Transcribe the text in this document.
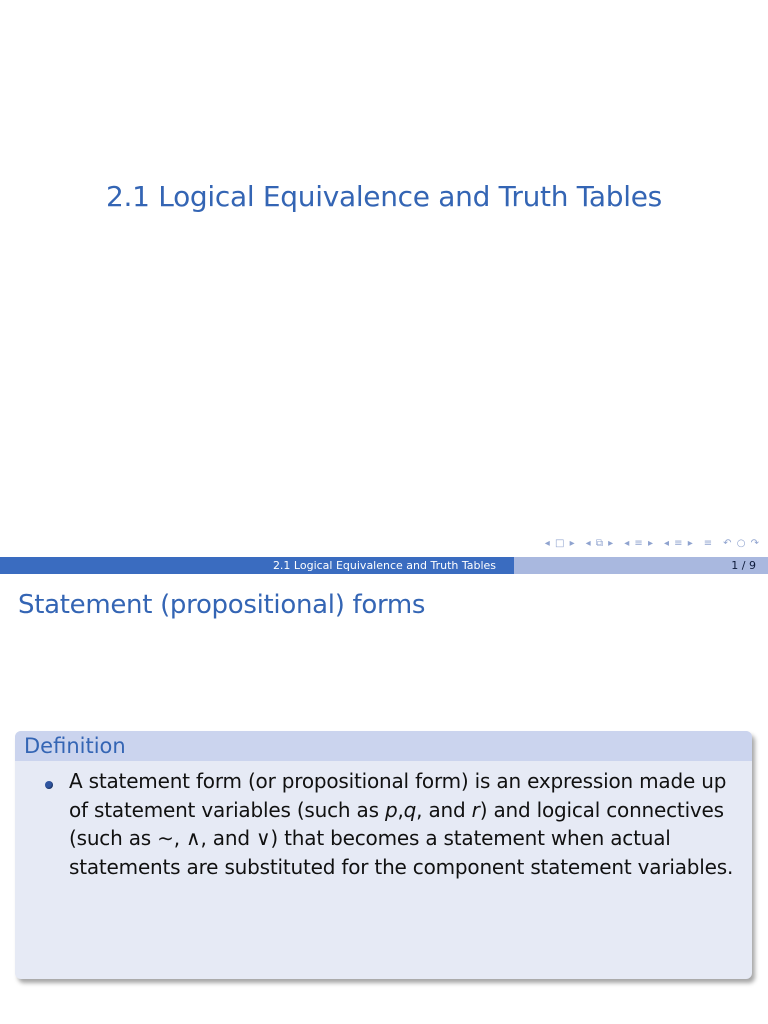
2.1 Logical Equivalence and Truth Tables
◂ □ ▸ ◂ ⧉ ▸ ◂ ≡ ▸ ◂ ≡ ▸ ≡ ↶ ○ ↷
2.1 Logical Equivalence and Truth Tables	1 / 9
Statement (propositional) forms
Definition
A statement form (or propositional form) is an expression made up of statement variables (such as p,q, and r) and logical connectives (such as ∼, ∧, and ∨) that becomes a statement when actual statements are substituted for the component statement variables.
